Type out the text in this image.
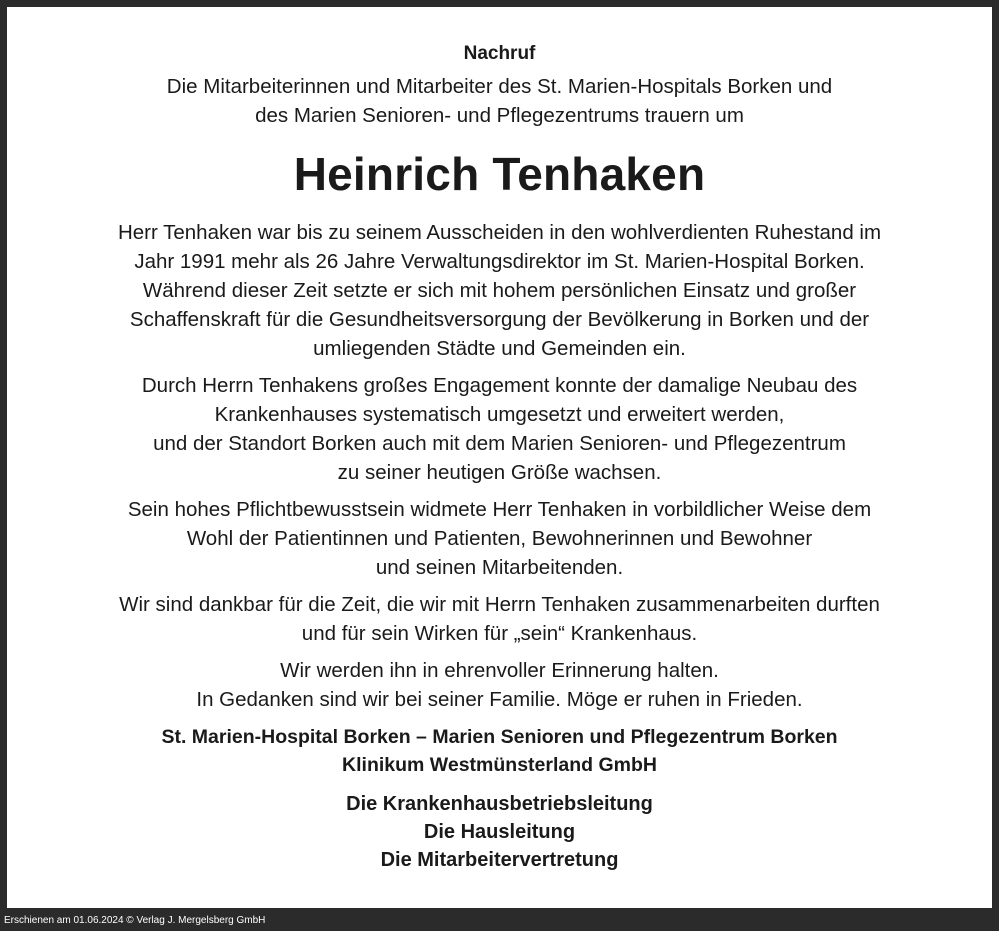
Nachruf
Die Mitarbeiterinnen und Mitarbeiter des St. Marien-Hospitals Borken und
des Marien Senioren- und Pflegezentrums trauern um
Heinrich Tenhaken
Herr Tenhaken war bis zu seinem Ausscheiden in den wohlverdienten Ruhestand im
Jahr 1991 mehr als 26 Jahre Verwaltungsdirektor im St. Marien-Hospital Borken.
Während dieser Zeit setzte er sich mit hohem persönlichen Einsatz und großer
Schaffenskraft für die Gesundheitsversorgung der Bevölkerung in Borken und der
umliegenden Städte und Gemeinden ein.
Durch Herrn Tenhakens großes Engagement konnte der damalige Neubau des
Krankenhauses systematisch umgesetzt und erweitert werden,
und der Standort Borken auch mit dem Marien Senioren- und Pflegezentrum
zu seiner heutigen Größe wachsen.
Sein hohes Pflichtbewusstsein widmete Herr Tenhaken in vorbildlicher Weise dem
Wohl der Patientinnen und Patienten, Bewohnerinnen und Bewohner
und seinen Mitarbeitenden.
Wir sind dankbar für die Zeit, die wir mit Herrn Tenhaken zusammenarbeiten durften
und für sein Wirken für „sein“ Krankenhaus.
Wir werden ihn in ehrenvoller Erinnerung halten.
In Gedanken sind wir bei seiner Familie. Möge er ruhen in Frieden.
St. Marien-Hospital Borken – Marien Senioren und Pflegezentrum Borken
Klinikum Westmünsterland GmbH
Die Krankenhausbetriebsleitung
Die Hausleitung
Die Mitarbeitervertretung
Erschienen am 01.06.2024 © Verlag J. Mergelsberg GmbH
